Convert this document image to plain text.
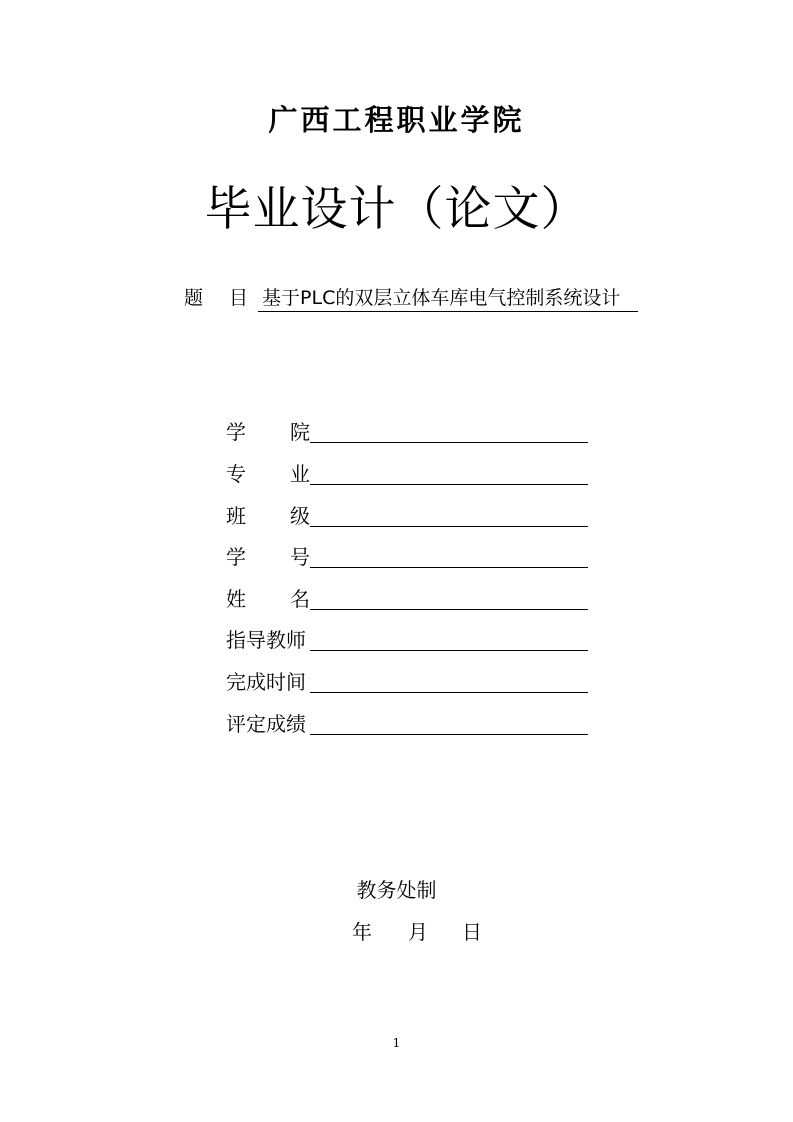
广西工程职业学院
毕业设计（论文）
题 目 基于PLC的双层立体车库电气控制系统设计
学 院
专 业
班 级
学 号
姓 名
指导教师
完成时间
评定成绩
教务处制
年 月 日
1
